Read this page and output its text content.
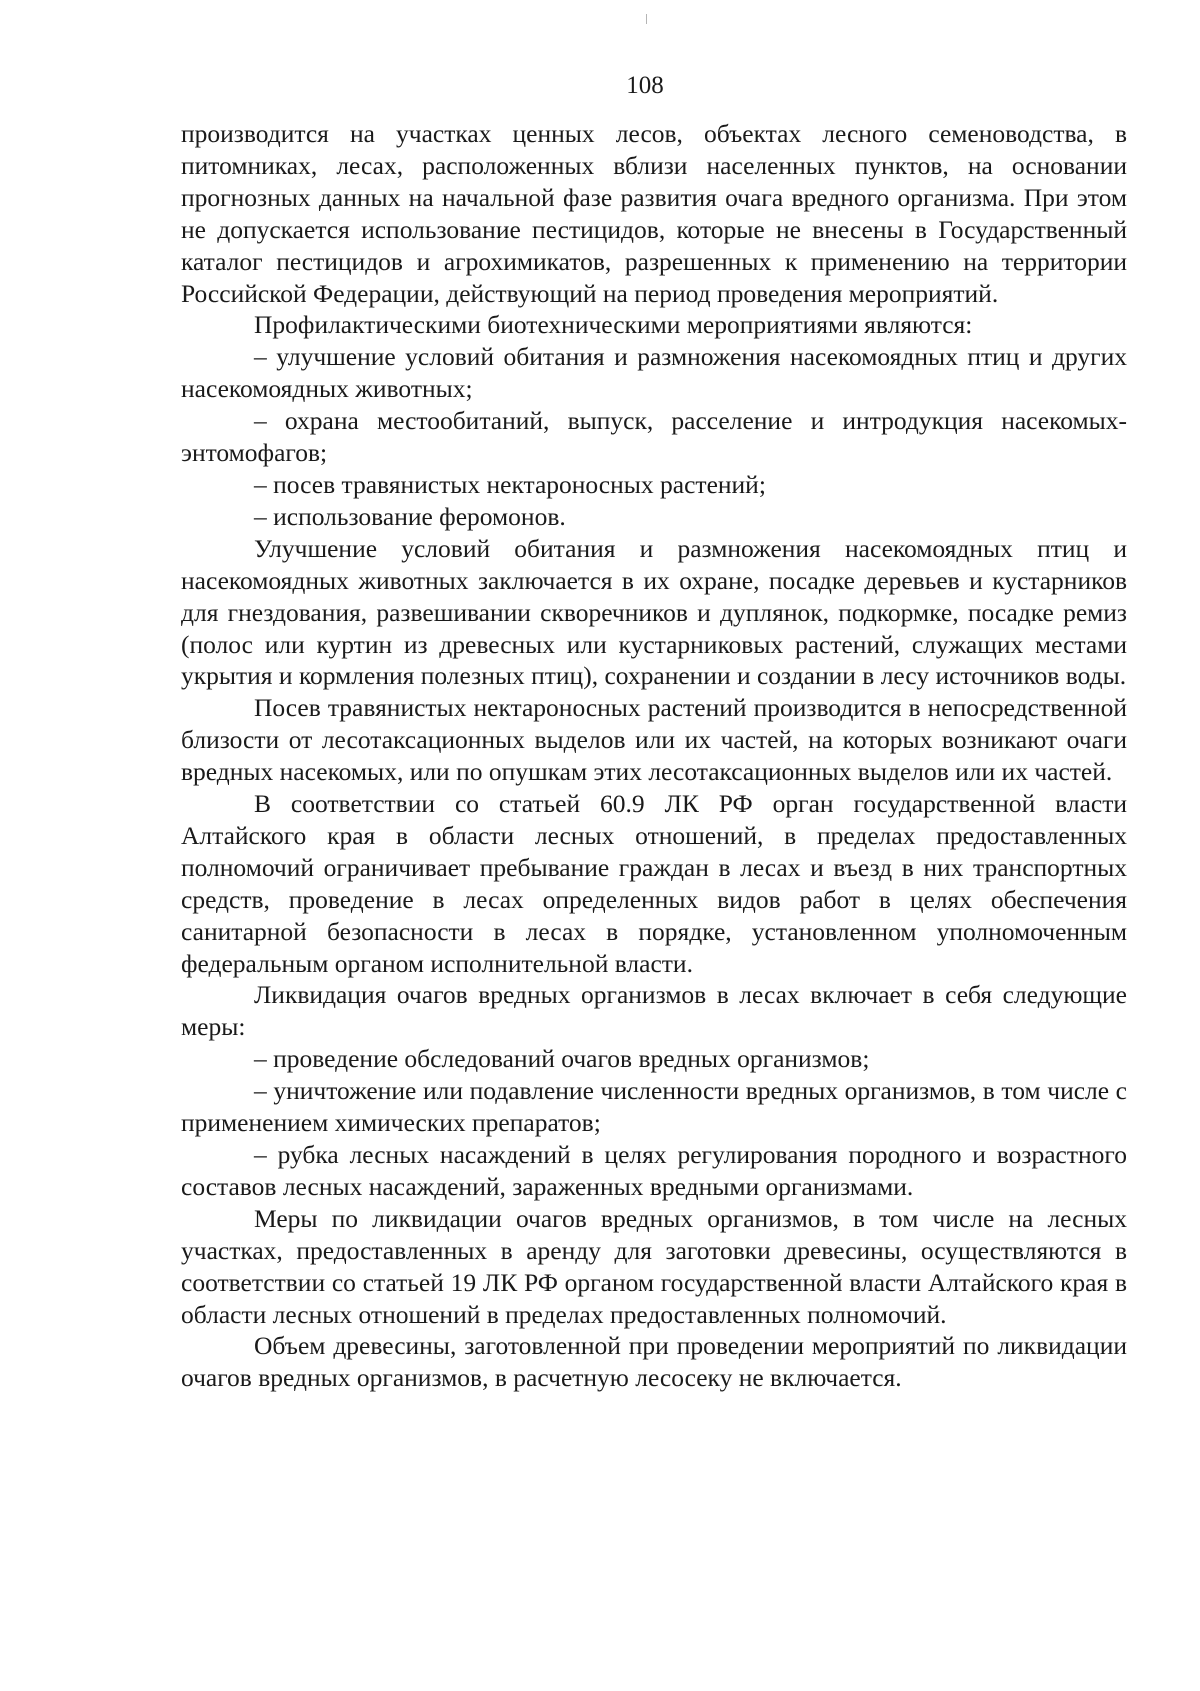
108

производится на участках ценных лесов, объектах лесного семеноводства, в питомниках, лесах, расположенных вблизи населенных пунктов, на основании прогнозных данных на начальной фазе развития очага вредного организма. При этом не допускается использование пестицидов, которые не внесены в Государственный каталог пестицидов и агрохимикатов, разрешенных к применению на территории Российской Федерации, действующий на период проведения мероприятий.

Профилактическими биотехническими мероприятиями являются:

– улучшение условий обитания и размножения насекомоядных птиц и других насекомоядных животных;

– охрана местообитаний, выпуск, расселение и интродукция насекомых-энтомофагов;

– посев травянистых нектароносных растений;

– использование феромонов.

Улучшение условий обитания и размножения насекомоядных птиц и насекомоядных животных заключается в их охране, посадке деревьев и кустарников для гнездования, развешивании скворечников и дуплянок, подкормке, посадке ремиз (полос или куртин из древесных или кустарниковых растений, служащих местами укрытия и кормления полезных птиц), сохранении и создании в лесу источников воды.

Посев травянистых нектароносных растений производится в непосредственной близости от лесотаксационных выделов или их частей, на которых возникают очаги вредных насекомых, или по опушкам этих лесотаксационных выделов или их частей.

В соответствии со статьей 60.9 ЛК РФ орган государственной власти Алтайского края в области лесных отношений, в пределах предоставленных полномочий ограничивает пребывание граждан в лесах и въезд в них транспортных средств, проведение в лесах определенных видов работ в целях обеспечения санитарной безопасности в лесах в порядке, установленном уполномоченным федеральным органом исполнительной власти.

Ликвидация очагов вредных организмов в лесах включает в себя следующие меры:

– проведение обследований очагов вредных организмов;

– уничтожение или подавление численности вредных организмов, в том числе с применением химических препаратов;

– рубка лесных насаждений в целях регулирования породного и возрастного составов лесных насаждений, зараженных вредными организмами.

Меры по ликвидации очагов вредных организмов, в том числе на лесных участках, предоставленных в аренду для заготовки древесины, осуществляются в соответствии со статьей 19 ЛК РФ органом государственной власти Алтайского края в области лесных отношений в пределах предоставленных полномочий.

Объем древесины, заготовленной при проведении мероприятий по ликвидации очагов вредных организмов, в расчетную лесосеку не включается.
